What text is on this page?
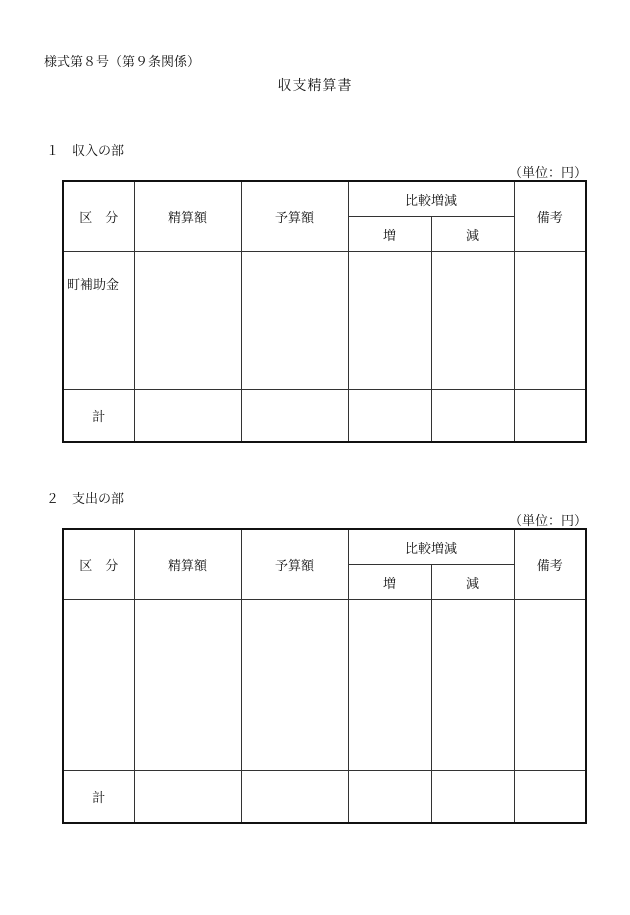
様式第８号（第９条関係）
収支精算書
１　収入の部
（単位：円）
区　分	精算額	予算額	比較増減		備考
			増	減	
町補助金					
計					
２　支出の部
（単位：円）
区　分	精算額	予算額	比較増減		備考
			増	減	

計					
